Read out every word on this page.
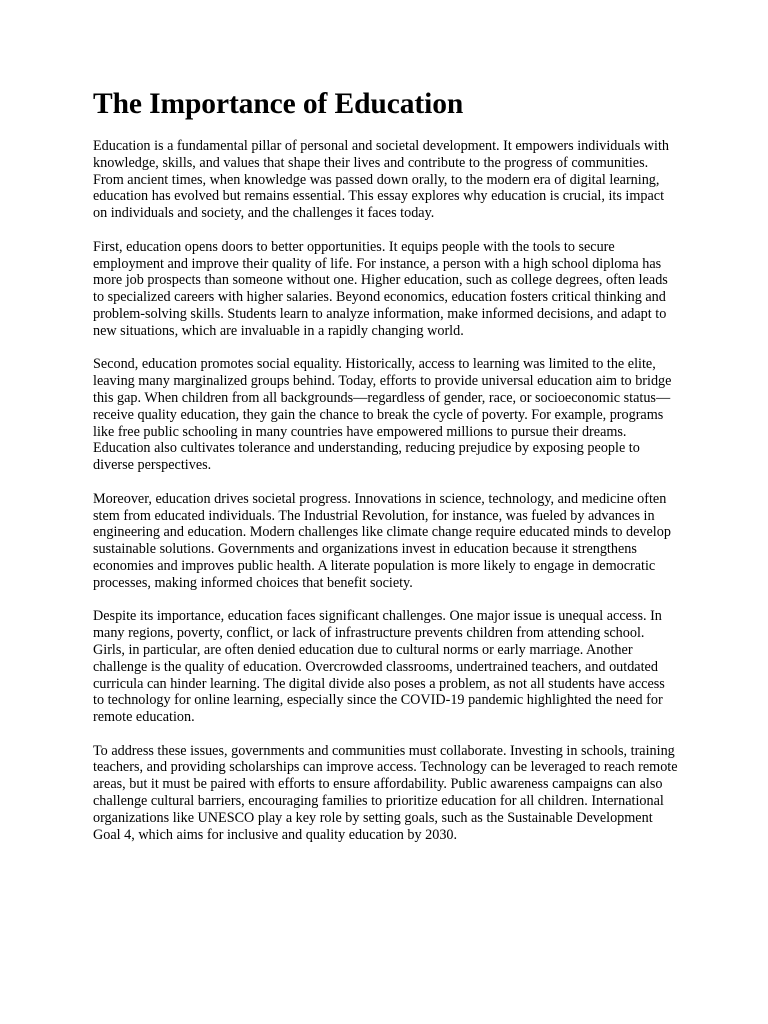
The Importance of Education

Education is a fundamental pillar of personal and societal development. It empowers individuals with knowledge, skills, and values that shape their lives and contribute to the progress of communities. From ancient times, when knowledge was passed down orally, to the modern era of digital learning, education has evolved but remains essential. This essay explores why education is crucial, its impact on individuals and society, and the challenges it faces today.

First, education opens doors to better opportunities. It equips people with the tools to secure employment and improve their quality of life. For instance, a person with a high school diploma has more job prospects than someone without one. Higher education, such as college degrees, often leads to specialized careers with higher salaries. Beyond economics, education fosters critical thinking and problem-solving skills. Students learn to analyze information, make informed decisions, and adapt to new situations, which are invaluable in a rapidly changing world.

Second, education promotes social equality. Historically, access to learning was limited to the elite, leaving many marginalized groups behind. Today, efforts to provide universal education aim to bridge this gap. When children from all backgrounds—regardless of gender, race, or socioeconomic status—receive quality education, they gain the chance to break the cycle of poverty. For example, programs like free public schooling in many countries have empowered millions to pursue their dreams. Education also cultivates tolerance and understanding, reducing prejudice by exposing people to diverse perspectives.

Moreover, education drives societal progress. Innovations in science, technology, and medicine often stem from educated individuals. The Industrial Revolution, for instance, was fueled by advances in engineering and education. Modern challenges like climate change require educated minds to develop sustainable solutions. Governments and organizations invest in education because it strengthens economies and improves public health. A literate population is more likely to engage in democratic processes, making informed choices that benefit society.

Despite its importance, education faces significant challenges. One major issue is unequal access. In many regions, poverty, conflict, or lack of infrastructure prevents children from attending school. Girls, in particular, are often denied education due to cultural norms or early marriage. Another challenge is the quality of education. Overcrowded classrooms, undertrained teachers, and outdated curricula can hinder learning. The digital divide also poses a problem, as not all students have access to technology for online learning, especially since the COVID-19 pandemic highlighted the need for remote education.

To address these issues, governments and communities must collaborate. Investing in schools, training teachers, and providing scholarships can improve access. Technology can be leveraged to reach remote areas, but it must be paired with efforts to ensure affordability. Public awareness campaigns can also challenge cultural barriers, encouraging families to prioritize education for all children. International organizations like UNESCO play a key role by setting goals, such as the Sustainable Development Goal 4, which aims for inclusive and quality education by 2030.
